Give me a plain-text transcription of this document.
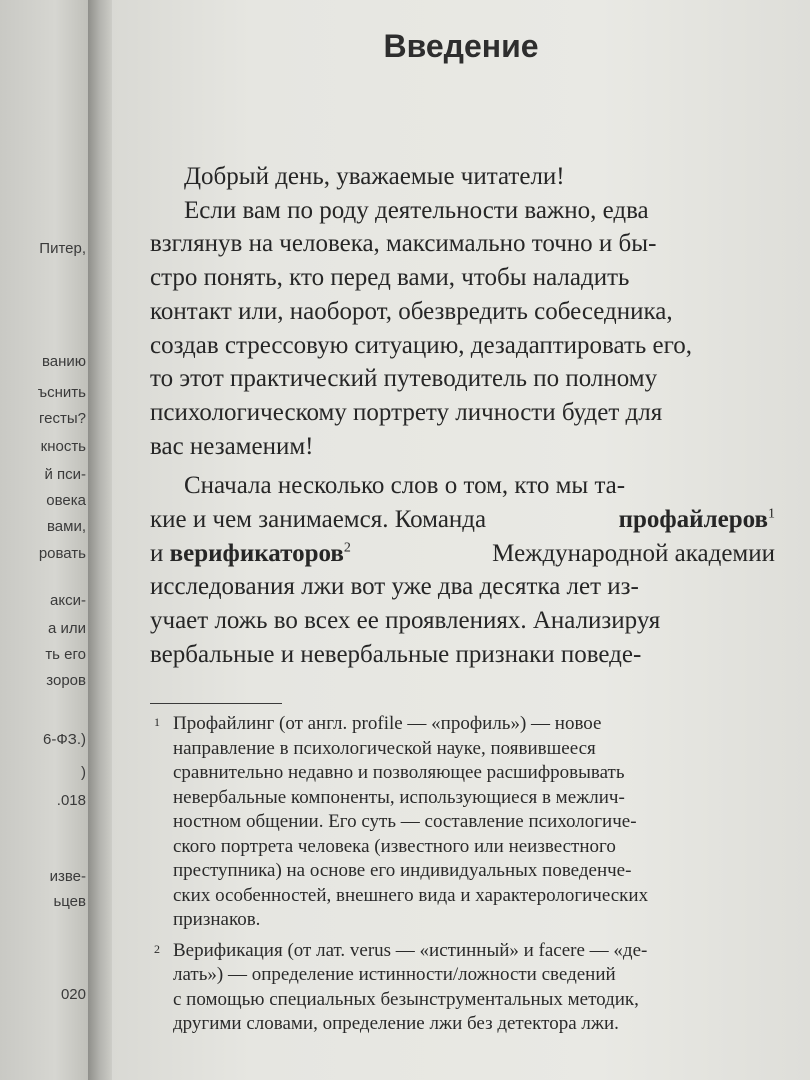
Питер,
ванию
ъснить
гесты?
кность
й пси-
овека
вами,
ровать
акси-
а или
ть его
зоров
6-ФЗ.)
)
.018
изве-
ьцев
020
Введение
Добрый день, уважаемые читатели!
Если вам по роду деятельности важно, едва
взглянув на человека, максимально точно и бы-
стро понять, кто перед вами, чтобы наладить
контакт или, наоборот, обезвредить собеседника,
создав стрессовую ситуацию, дезадаптировать его,
то этот практический путеводитель по полному
психологическому портрету личности будет для
вас незаменим!
Сначала несколько слов о том, кто мы та-
кие и чем занимаемся. Команда	профайлеров$^1$
и верификаторов$^2$	Международной академии
исследования лжи вот уже два десятка лет из-
учает ложь во всех ее проявлениях. Анализируя
вербальные и невербальные признаки поведе-
1 Профайлинг (от англ. profile — «профиль») — новое
направление в психологической науке, появившееся
сравнительно недавно и позволяющее расшифровывать
невербальные компоненты, использующиеся в межлич-
ностном общении. Его суть — составление психологиче-
ского портрета человека (известного или неизвестного
преступника) на основе его индивидуальных поведенче-
ских особенностей, внешнего вида и характерологических
признаков.
2 Верификация (от лат. verus — «истинный» и facere — «де-
лать») — определение истинности/ложности сведений
с помощью специальных безынструментальных методик,
другими словами, определение лжи без детектора лжи.
